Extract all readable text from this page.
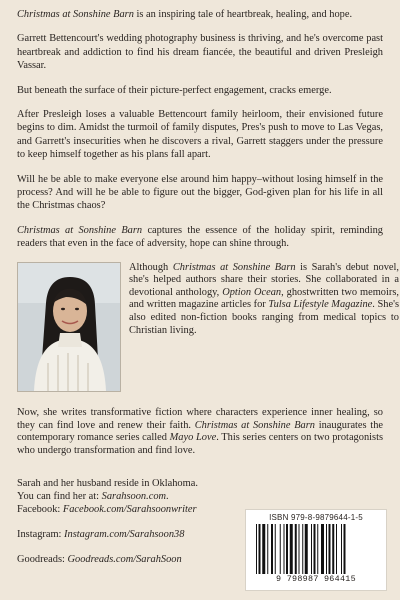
Christmas at Sonshine Barn is an inspiring tale of heartbreak, healing, and hope.

Garrett Bettencourt's wedding photography business is thriving, and he's overcome past heartbreak and addiction to find his dream fiancée, the beautiful and driven Presleigh Vassar.

But beneath the surface of their picture-perfect engagement, cracks emerge.

After Presleigh loses a valuable Bettencourt family heirloom, their envisioned future begins to dim. Amidst the turmoil of family disputes, Pres's push to move to Las Vegas, and Garrett's insecurities when he discovers a rival, Garrett staggers under the pressure to keep himself together as his plans fall apart.

Will he be able to make everyone else around him happy–without losing himself in the process? And will he be able to figure out the bigger, God-given plan for his life in all the Christmas chaos?

Christmas at Sonshine Barn captures the essence of the holiday spirit, reminding readers that even in the face of adversity, hope can shine through.

Although Christmas at Sonshine Barn is Sarah's debut novel, she's helped authors share their stories. She collaborated in a devotional anthology, Option Ocean, ghostwritten two memoirs, and written magazine articles for Tulsa Lifestyle Magazine. She's also edited non-fiction books ranging from medical topics to Christian living.

Now, she writes transformative fiction where characters experience inner healing, so they can find love and renew their faith. Christmas at Sonshine Barn inaugurates the contemporary romance series called Mayo Love. This series centers on two protagonists who undergo transformation and find love.

Sarah and her husband reside in Oklahoma.

You can find her at: Sarahsoon.com.

Facebook: Facebook.com/Sarahsoonwriter

Instagram: Instagram.com/Sarahsoon38

Goodreads: Goodreads.com/SarahSoon

ISBN 979-8-9879644-1-5
9 798987 964415
